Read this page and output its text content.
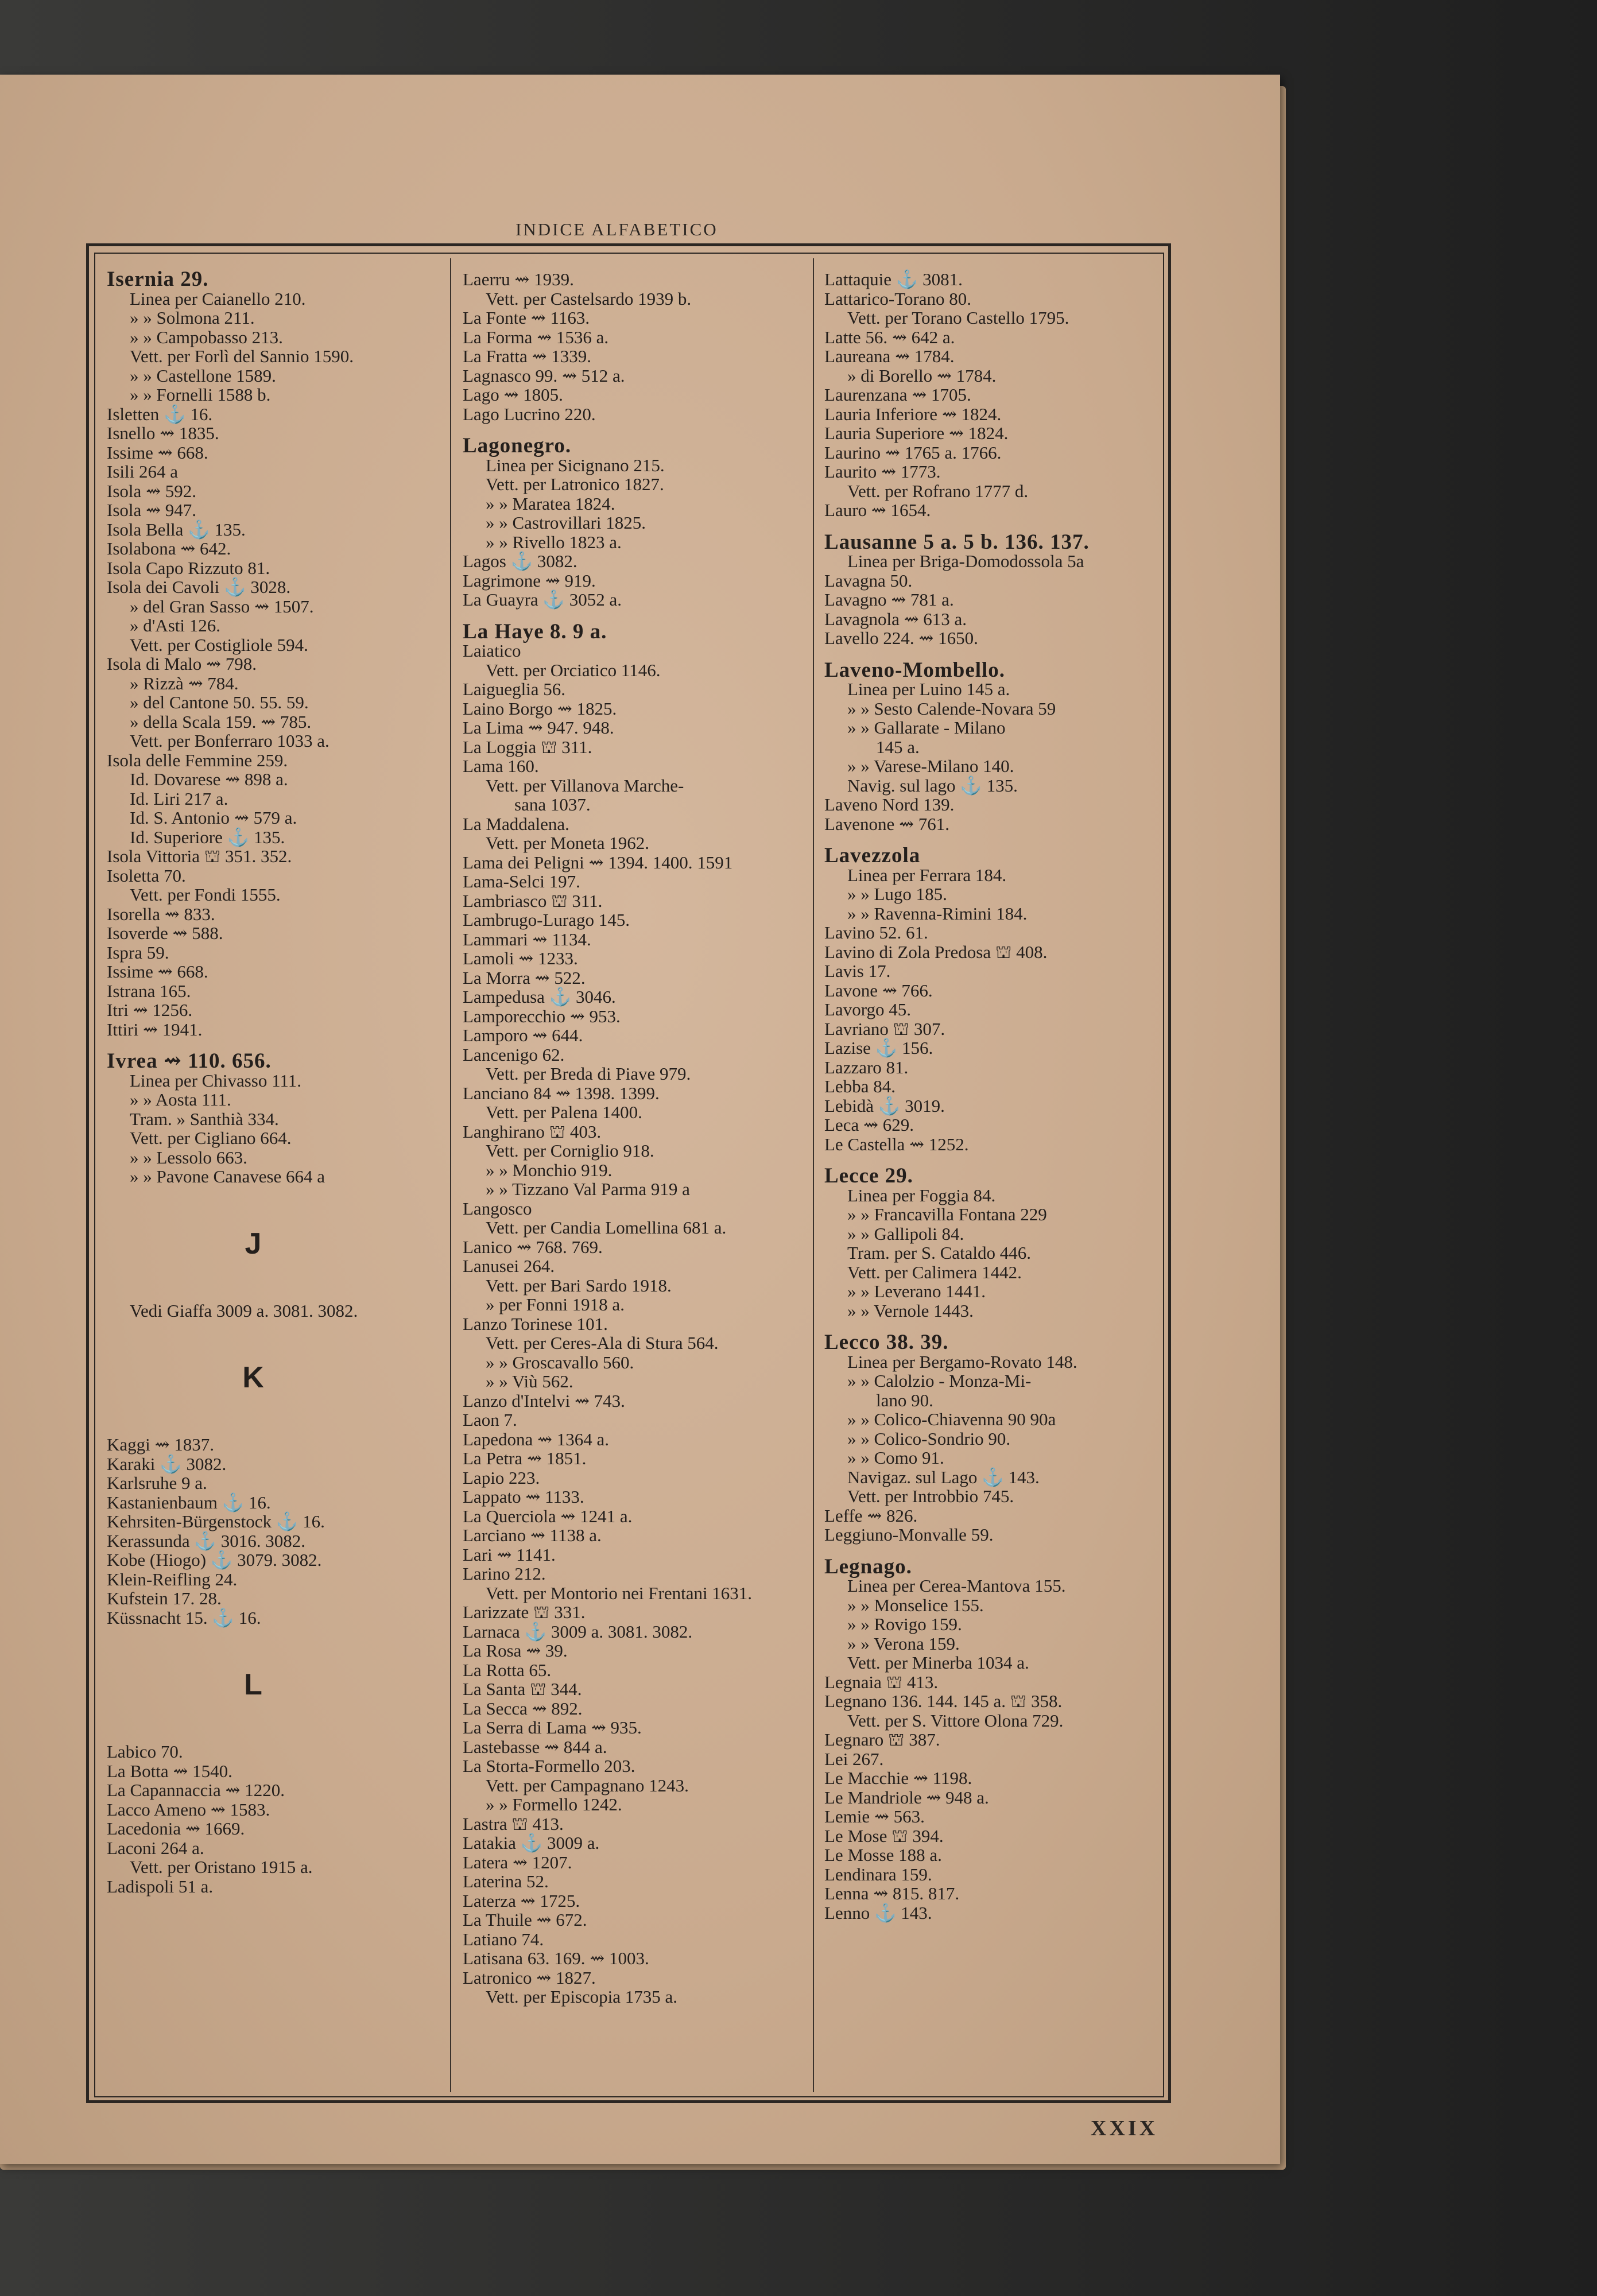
INDICE ALFABETICO
Isernia 29.
Linea per Caianello 210.
» » Solmona 211.
» » Campobasso 213.
Vett. per Forlì del Sannio 1590.
» » Castellone 1589.
» » Fornelli 1588 b.
Isletten ⚓ 16.
Isnello ⇝ 1835.
Issime ⇝ 668.
Isili 264 a
Isola ⇝ 592.
Isola ⇝ 947.
Isola Bella ⚓ 135.
Isolabona ⇝ 642.
Isola Capo Rizzuto 81.
Isola dei Cavoli ⚓ 3028.
» del Gran Sasso ⇝ 1507.
» d'Asti 126.
Vett. per Costigliole 594.
Isola di Malo ⇝ 798.
» Rizzà ⇝ 784.
» del Cantone 50. 55. 59.
» della Scala 159. ⇝ 785.
Vett. per Bonferraro 1033 a.
Isola delle Femmine 259.
Id. Dovarese ⇝ 898 a.
Id. Liri 217 a.
Id. S. Antonio ⇝ 579 a.
Id. Superiore ⚓ 135.
Isola Vittoria ⛫ 351. 352.
Isoletta 70.
Vett. per Fondi 1555.
Isorella ⇝ 833.
Isoverde ⇝ 588.
Ispra 59.
Issime ⇝ 668.
Istrana 165.
Itri ⇝ 1256.
Ittiri ⇝ 1941.
Ivrea ⇝ 110. 656.
Linea per Chivasso 111.
» » Aosta 111.
Tram. » Santhià 334.
Vett. per Cigliano 664.
» » Lessolo 663.
» » Pavone Canavese 664 a
J
Vedi Giaffa 3009 a. 3081. 3082.
K
Kaggi ⇝ 1837.
Karaki ⚓ 3082.
Karlsruhe 9 a.
Kastanienbaum ⚓ 16.
Kehrsiten-Bürgenstock ⚓ 16.
Kerassunda ⚓ 3016. 3082.
Kobe (Hiogo) ⚓ 3079. 3082.
Klein-Reifling 24.
Kufstein 17. 28.
Küssnacht 15. ⚓ 16.
L
Labico 70.
La Botta ⇝ 1540.
La Capannaccia ⇝ 1220.
Lacco Ameno ⇝ 1583.
Lacedonia ⇝ 1669.
Laconi 264 a.
Vett. per Oristano 1915 a.
Ladispoli 51 a.
Laerru ⇝ 1939.
Vett. per Castelsardo 1939 b.
La Fonte ⇝ 1163.
La Forma ⇝ 1536 a.
La Fratta ⇝ 1339.
Lagnasco 99. ⇝ 512 a.
Lago ⇝ 1805.
Lago Lucrino 220.
Lagonegro.
Linea per Sicignano 215.
Vett. per Latronico 1827.
» » Maratea 1824.
» » Castrovillari 1825.
» » Rivello 1823 a.
Lagos ⚓ 3082.
Lagrimone ⇝ 919.
La Guayra ⚓ 3052 a.
La Haye 8. 9 a.
Laiatico
Vett. per Orciatico 1146.
Laigueglia 56.
Laino Borgo ⇝ 1825.
La Lima ⇝ 947. 948.
La Loggia ⛫ 311.
Lama 160.
Vett. per Villanova Marche-
sana 1037.
La Maddalena.
Vett. per Moneta 1962.
Lama dei Peligni ⇝ 1394. 1400. 1591
Lama-Selci 197.
Lambriasco ⛫ 311.
Lambrugo-Lurago 145.
Lammari ⇝ 1134.
Lamoli ⇝ 1233.
La Morra ⇝ 522.
Lampedusa ⚓ 3046.
Lamporecchio ⇝ 953.
Lamporo ⇝ 644.
Lancenigo 62.
Vett. per Breda di Piave 979.
Lanciano 84 ⇝ 1398. 1399.
Vett. per Palena 1400.
Langhirano ⛫ 403.
Vett. per Corniglio 918.
» » Monchio 919.
» » Tizzano Val Parma 919 a
Langosco
Vett. per Candia Lomellina 681 a.
Lanico ⇝ 768. 769.
Lanusei 264.
Vett. per Bari Sardo 1918.
» per Fonni 1918 a.
Lanzo Torinese 101.
Vett. per Ceres-Ala di Stura 564.
» » Groscavallo 560.
» » Viù 562.
Lanzo d'Intelvi ⇝ 743.
Laon 7.
Lapedona ⇝ 1364 a.
La Petra ⇝ 1851.
Lapio 223.
Lappato ⇝ 1133.
La Querciola ⇝ 1241 a.
Larciano ⇝ 1138 a.
Lari ⇝ 1141.
Larino 212.
Vett. per Montorio nei Frentani 1631.
Larizzate ⛫ 331.
Larnaca ⚓ 3009 a. 3081. 3082.
La Rosa ⇝ 39.
La Rotta 65.
La Santa ⛫ 344.
La Secca ⇝ 892.
La Serra di Lama ⇝ 935.
Lastebasse ⇝ 844 a.
La Storta-Formello 203.
Vett. per Campagnano 1243.
» » Formello 1242.
Lastra ⛫ 413.
Latakia ⚓ 3009 a.
Latera ⇝ 1207.
Laterina 52.
Laterza ⇝ 1725.
La Thuile ⇝ 672.
Latiano 74.
Latisana 63. 169. ⇝ 1003.
Latronico ⇝ 1827.
Vett. per Episcopia 1735 a.
Lattaquie ⚓ 3081.
Lattarico-Torano 80.
Vett. per Torano Castello 1795.
Latte 56. ⇝ 642 a.
Laureana ⇝ 1784.
» di Borello ⇝ 1784.
Laurenzana ⇝ 1705.
Lauria Inferiore ⇝ 1824.
Lauria Superiore ⇝ 1824.
Laurino ⇝ 1765 a. 1766.
Laurito ⇝ 1773.
Vett. per Rofrano 1777 d.
Lauro ⇝ 1654.
Lausanne 5 a. 5 b. 136. 137.
Linea per Briga-Domodossola 5a
Lavagna 50.
Lavagno ⇝ 781 a.
Lavagnola ⇝ 613 a.
Lavello 224. ⇝ 1650.
Laveno-Mombello.
Linea per Luino 145 a.
» » Sesto Calende-Novara 59
» » Gallarate - Milano
145 a.
» » Varese-Milano 140.
Navig. sul lago ⚓ 135.
Laveno Nord 139.
Lavenone ⇝ 761.
Lavezzola
Linea per Ferrara 184.
» » Lugo 185.
» » Ravenna-Rimini 184.
Lavino 52. 61.
Lavino di Zola Predosa ⛫ 408.
Lavis 17.
Lavone ⇝ 766.
Lavorgo 45.
Lavriano ⛫ 307.
Lazise ⚓ 156.
Lazzaro 81.
Lebba 84.
Lebidà ⚓ 3019.
Leca ⇝ 629.
Le Castella ⇝ 1252.
Lecce 29.
Linea per Foggia 84.
» » Francavilla Fontana 229
» » Gallipoli 84.
Tram. per S. Cataldo 446.
Vett. per Calimera 1442.
» » Leverano 1441.
» » Vernole 1443.
Lecco 38. 39.
Linea per Bergamo-Rovato 148.
» » Calolzio - Monza-Mi-
lano 90.
» » Colico-Chiavenna 90 90a
» » Colico-Sondrio 90.
» » Como 91.
Navigaz. sul Lago ⚓ 143.
Vett. per Introbbio 745.
Leffe ⇝ 826.
Leggiuno-Monvalle 59.
Legnago.
Linea per Cerea-Mantova 155.
» » Monselice 155.
» » Rovigo 159.
» » Verona 159.
Vett. per Minerba 1034 a.
Legnaia ⛫ 413.
Legnano 136. 144. 145 a. ⛫ 358.
Vett. per S. Vittore Olona 729.
Legnaro ⛫ 387.
Lei 267.
Le Macchie ⇝ 1198.
Le Mandriole ⇝ 948 a.
Lemie ⇝ 563.
Le Mose ⛫ 394.
Le Mosse 188 a.
Lendinara 159.
Lenna ⇝ 815. 817.
Lenno ⚓ 143.
XXIX
